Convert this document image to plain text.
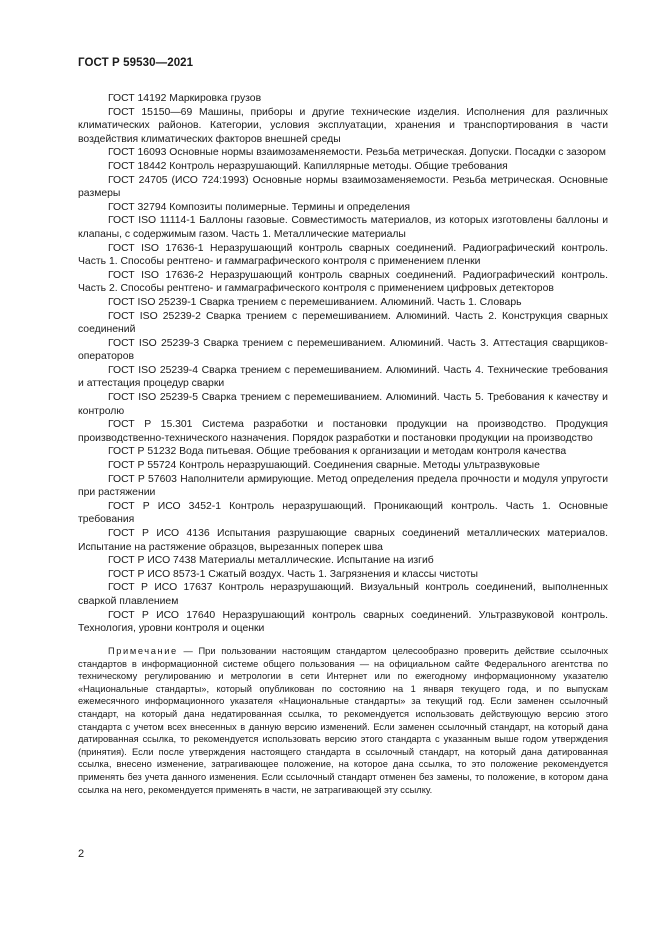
ГОСТ Р 59530—2021

ГОСТ 14192 Маркировка грузов

ГОСТ 15150—69 Машины, приборы и другие технические изделия. Исполнения для различных климатических районов. Категории, условия эксплуатации, хранения и транспортирования в части воздействия климатических факторов внешней среды

ГОСТ 16093 Основные нормы взаимозаменяемости. Резьба метрическая. Допуски. Посадки с зазором

ГОСТ 18442 Контроль неразрушающий. Капиллярные методы. Общие требования

ГОСТ 24705 (ИСО 724:1993) Основные нормы взаимозаменяемости. Резьба метрическая. Основные размеры

ГОСТ 32794 Композиты полимерные. Термины и определения

ГОСТ ISO 11114-1 Баллоны газовые. Совместимость материалов, из которых изготовлены баллоны и клапаны, с содержимым газом. Часть 1. Металлические материалы

ГОСТ ISO 17636-1 Неразрушающий контроль сварных соединений. Радиографический контроль. Часть 1. Способы рентгено- и гаммаграфического контроля с применением пленки

ГОСТ ISO 17636-2 Неразрушающий контроль сварных соединений. Радиографический контроль. Часть 2. Способы рентгено- и гаммаграфического контроля с применением цифровых детекторов

ГОСТ ISO 25239-1 Сварка трением с перемешиванием. Алюминий. Часть 1. Словарь

ГОСТ ISO 25239-2 Сварка трением с перемешиванием. Алюминий. Часть 2. Конструкция сварных соединений

ГОСТ ISO 25239-3 Сварка трением с перемешиванием. Алюминий. Часть 3. Аттестация сварщиков-операторов

ГОСТ ISO 25239-4 Сварка трением с перемешиванием. Алюминий. Часть 4. Технические требования и аттестация процедур сварки

ГОСТ ISO 25239-5 Сварка трением с перемешиванием. Алюминий. Часть 5. Требования к качеству и контролю

ГОСТ Р 15.301 Система разработки и постановки продукции на производство. Продукция производственно-технического назначения. Порядок разработки и постановки продукции на производство

ГОСТ Р 51232 Вода питьевая. Общие требования к организации и методам контроля качества

ГОСТ Р 55724 Контроль неразрушающий. Соединения сварные. Методы ультразвуковые

ГОСТ Р 57603 Наполнители армирующие. Метод определения предела прочности и модуля упругости при растяжении

ГОСТ Р ИСО 3452-1 Контроль неразрушающий. Проникающий контроль. Часть 1. Основные требования

ГОСТ Р ИСО 4136 Испытания разрушающие сварных соединений металлических материалов. Испытание на растяжение образцов, вырезанных поперек шва

ГОСТ Р ИСО 7438 Материалы металлические. Испытание на изгиб

ГОСТ Р ИСО 8573-1 Сжатый воздух. Часть 1. Загрязнения и классы чистоты

ГОСТ Р ИСО 17637 Контроль неразрушающий. Визуальный контроль соединений, выполненных сваркой плавлением

ГОСТ Р ИСО 17640 Неразрушающий контроль сварных соединений. Ультразвуковой контроль. Технология, уровни контроля и оценки

Примечание — При пользовании настоящим стандартом целесообразно проверить действие ссылочных стандартов в информационной системе общего пользования — на официальном сайте Федерального агентства по техническому регулированию и метрологии в сети Интернет или по ежегодному информационному указателю «Национальные стандарты», который опубликован по состоянию на 1 января текущего года, и по выпускам ежемесячного информационного указателя «Национальные стандарты» за текущий год. Если заменен ссылочный стандарт, на который дана недатированная ссылка, то рекомендуется использовать действующую версию этого стандарта с учетом всех внесенных в данную версию изменений. Если заменен ссылочный стандарт, на который дана датированная ссылка, то рекомендуется использовать версию этого стандарта с указанным выше годом утверждения (принятия). Если после утверждения настоящего стандарта в ссылочный стандарт, на который дана датированная ссылка, внесено изменение, затрагивающее положение, на которое дана ссылка, то это положение рекомендуется применять без учета данного изменения. Если ссылочный стандарт отменен без замены, то положение, в котором дана ссылка на него, рекомендуется применять в части, не затрагивающей эту ссылку.

2
